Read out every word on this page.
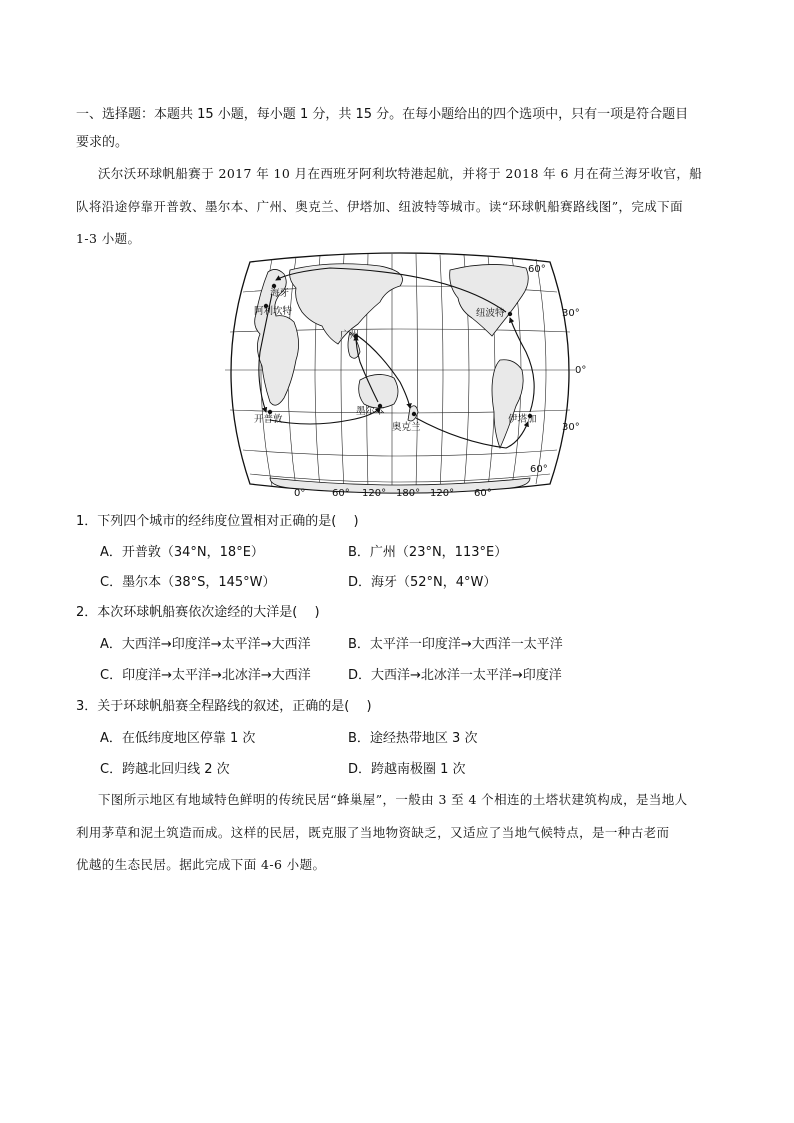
一、选择题：本题共 15 小题，每小题 1 分，共 15 分。在每小题给出的四个选项中，只有一项是符合题目
要求的。
沃尔沃环球帆船赛于 2017 年 10 月在西班牙阿利坎特港起航，并将于 2018 年 6 月在荷兰海牙收官，船
队将沿途停靠开普敦、墨尔本、广州、奥克兰、伊塔加、纽波特等城市。读“环球帆船赛路线图”，完成下面
1-3 小题。
海牙
阿利坎特
广州
纽波特
开普敦
墨尔本
奥克兰
伊塔加
60°
30°
0°
30°
60°
0°	60° 120° 180° 120° 60°
1．下列四个城市的经纬度位置相对正确的是(　 )
A．开普敦（34°N，18°E）	B．广州（23°N，113°E）
C．墨尔本（38°S，145°W）	D．海牙（52°N，4°W）
2．本次环球帆船赛依次途经的大洋是(　 )
A．大西洋→印度洋→太平洋→大西洋	B．太平洋一印度洋→大西洋一太平洋
C．印度洋→太平洋→北冰洋→大西洋	D．大西洋→北冰洋一太平洋→印度洋
3．关于环球帆船赛全程路线的叙述，正确的是(　 )
A．在低纬度地区停靠 1 次	B．途经热带地区 3 次
C．跨越北回归线 2 次	D．跨越南极圈 1 次
下图所示地区有地域特色鲜明的传统民居“蜂巢屋”，一般由 3 至 4 个相连的土塔状建筑构成，是当地人
利用茅草和泥土筑造而成。这样的民居，既克服了当地物资缺乏，又适应了当地气候特点，是一种古老而
优越的生态民居。据此完成下面 4-6 小题。
